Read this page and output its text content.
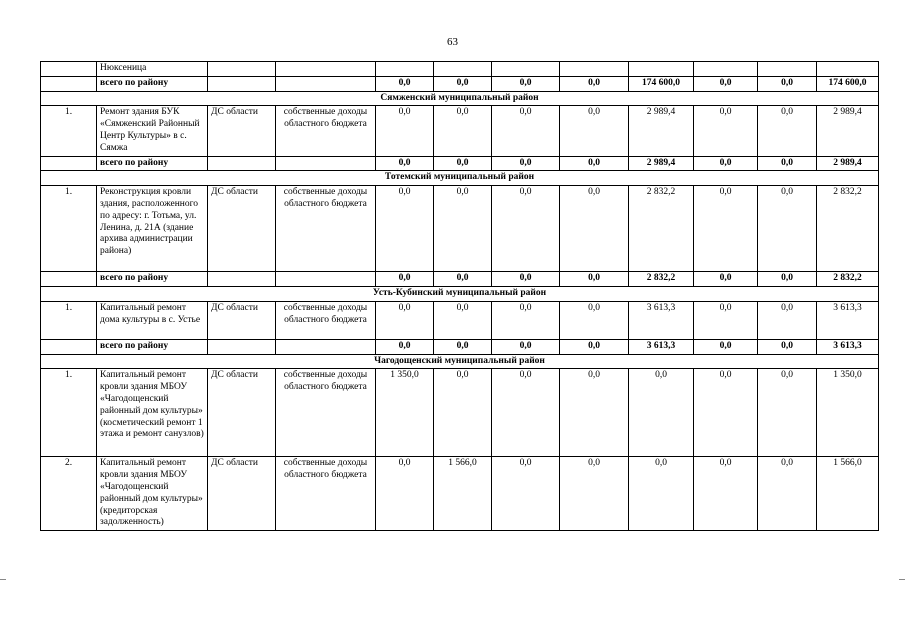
63
	Нюксеница										
	всего по району			0,0	0,0	0,0	0,0	174 600,0	0,0	0,0	174 600,0
Сямженский муниципальный район											
1.	Ремонт здания БУК «Сямженский Районный Центр Культуры» в с. Сямжа	ДС области	собственные доходы областного бюджета	0,0	0,0	0,0	0,0	2 989,4	0,0	0,0	2 989,4
	всего по району			0,0	0,0	0,0	0,0	2 989,4	0,0	0,0	2 989,4
Тотемский муниципальный район											
1.	Реконструкция кровли здания, расположенного по адресу: г. Тотьма, ул. Ленина, д. 21А (здание архива администрации района)	ДС области	собственные доходы областного бюджета	0,0	0,0	0,0	0,0	2 832,2	0,0	0,0	2 832,2
	всего по району			0,0	0,0	0,0	0,0	2 832,2	0,0	0,0	2 832,2
Усть-Кубинский муниципальный район											
1.	Капитальный ремонт дома культуры в с. Устье	ДС области	собственные доходы областного бюджета	0,0	0,0	0,0	0,0	3 613,3	0,0	0,0	3 613,3
	всего по району			0,0	0,0	0,0	0,0	3 613,3	0,0	0,0	3 613,3
Чагодощенский муниципальный район											
1.	Капитальный ремонт кровли здания МБОУ «Чагодощенский районный дом культуры» (косметический ремонт 1 этажа и ремонт санузлов)	ДС области	собственные доходы областного бюджета	1 350,0	0,0	0,0	0,0	0,0	0,0	0,0	1 350,0
2.	Капитальный ремонт кровли здания МБОУ «Чагодощенский районный дом культуры» (кредиторская задолженность)	ДС области	собственные доходы областного бюджета	0,0	1 566,0	0,0	0,0	0,0	0,0	0,0	1 566,0
